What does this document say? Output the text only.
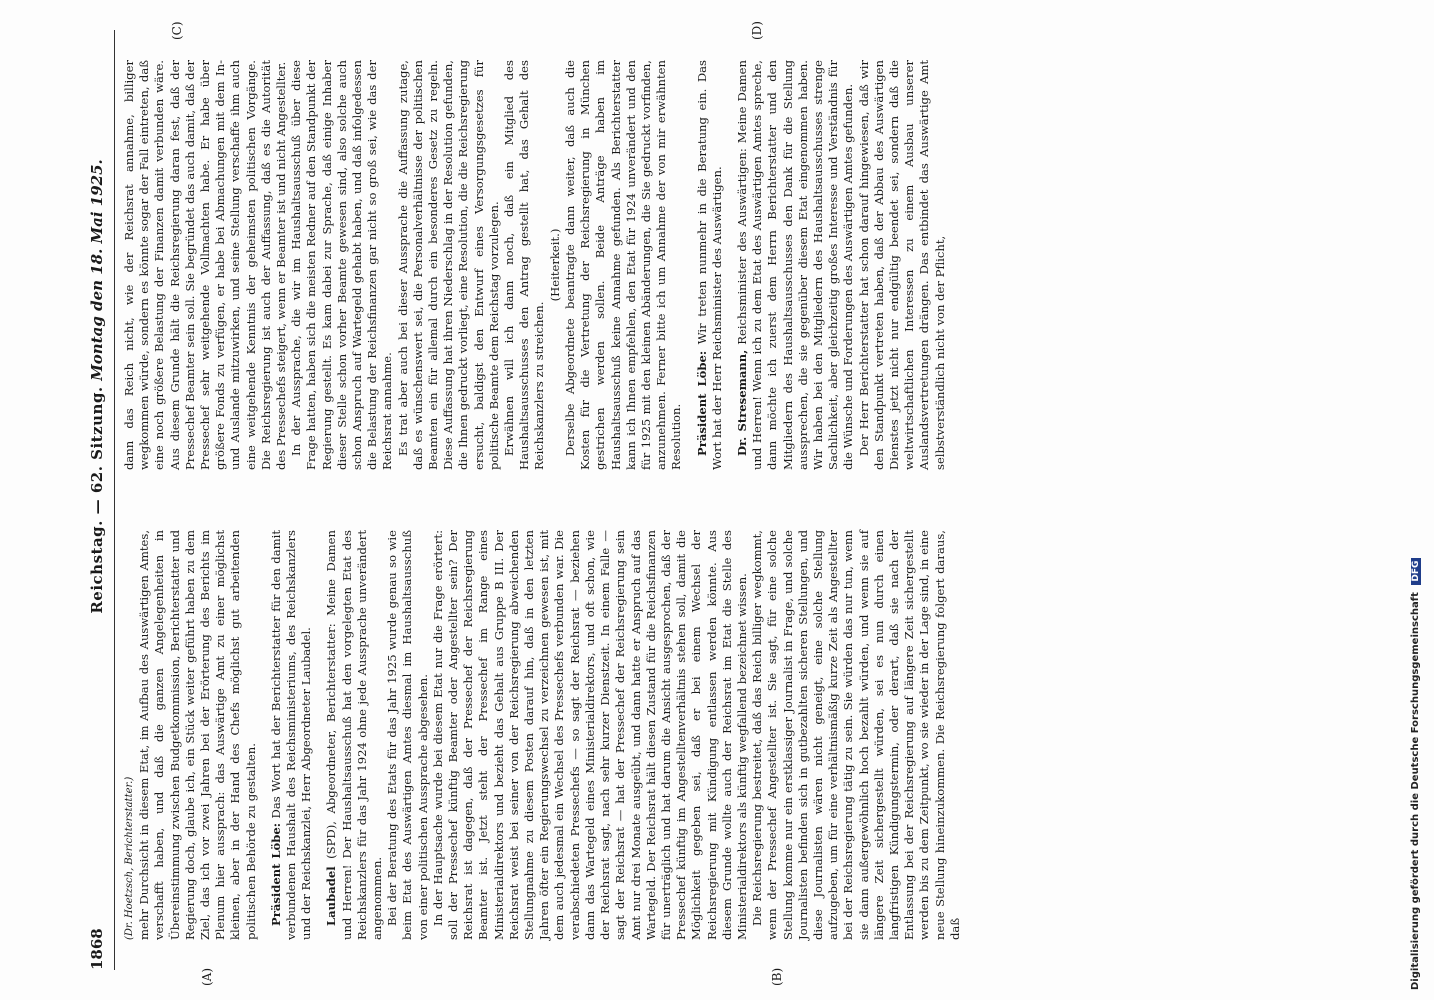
1868
Reichstag. — 62. Sitzung.
(A)	(B)

(Dr. Hoetzsch, Berichterstatter.) mehr Durchsicht in diesem Etat, im Aufbau des Auswärtigen Amtes, verschafft haben, und daß die ganzen Angelegenheiten in Übereinstimmung zwischen Budgetkommission, Berichterstatter und Regierung doch, glaube ich, ein Stück weiter geführt haben zu dem Ziel, das ich vor zwei Jahren bei der Erörterung des Berichts im Plenum hier aussprach: das Auswärtige Amt zu einer möglichst kleinen, aber in der Hand des Chefs möglichst gut arbeitenden politischen Behörde zu gestalten. Präsident Löbe: Das Wort hat der Berichterstatter für den damit verbundenen Haushalt des Reichsministeriums, des Reichskanzlers und der Reichskanzlei, Herr Abgeordneter Laubadel. Laubadel (SPD), Abgeordneter, Berichterstatter: Meine Damen und Herren! Der Haushaltsausschuß hat den vorgelegten Etat des Reichskanzlers für das Jahr 1924 ohne jede Aussprache unverändert angenommen. Bei der Beratung des Etats für das Jahr 1925 wurde genau so wie beim Etat des Auswärtigen Amtes diesmal im Haushaltsausschuß von einer politischen Aussprache abgesehen. In der Hauptsache wurde bei diesem Etat nur die Frage erörtert: soll der Pressechef künftig Beamter oder Angestellter sein? Der Reichsrat ist dagegen, daß der Pressechef der Reichsregierung Beamter ist. Jetzt steht der Pressechef im Range eines Ministerialdirektors und bezieht das Gehalt aus Gruppe B III. Der Reichsrat weist bei seiner von der Reichsregierung abweichenden Stellungnahme zu diesem Posten darauf hin, daß in den letzten Jahren öfter ein Regierungswechsel zu verzeichnen gewesen ist, mit dem auch jedesmal ein Wechsel des Pressechefs verbunden war. Die verabschiedeten Pressechefs — so sagt der Reichsrat — beziehen dann das Wartegeld eines Ministerialdirektors, und oft schon, wie der Reichsrat sagt, nach sehr kurzer Dienstzeit. In einem Falle — sagt der Reichsrat — hat der Pressechef der Reichsregierung sein Amt nur drei Monate ausgeübt, und dann hatte er Anspruch auf das Wartegeld. Der Reichsrat hält diesen Zustand für die Reichsfinanzen für unerträglich und hat darum die Ansicht ausgesprochen, daß der Pressechef künftig im Angestelltenverhältnis stehen soll, damit die Möglichkeit gegeben sei, daß er bei einem Wechsel der Reichsregierung mit Kündigung entlassen werden könnte. Aus diesem Grunde wollte auch der Reichsrat im Etat die Stelle des Ministerialdirektors als künftig wegfallend bezeichnet wissen. Die Reichsregierung bestreitet, daß das Reich billiger wegkommt, wenn der Pressechef Angestellter ist. Sie sagt, für eine solche Stellung komme nur ein erstklassiger Journalist in Frage, und solche Journalisten befinden sich in gutbezahlten sicheren Stellungen, und diese Journalisten wären nicht geneigt, eine solche Stellung aufzugeben, um für eine verhältnismäßig kurze Zeit als Angestellter bei der Reichsregierung tätig zu sein. Sie würden das nur tun, wenn sie dann außergewöhnlich hoch bezahlt würden, und wenn sie auf längere Zeit sichergestellt würden, sei es nun durch einen langfristigen Kündigungstermin, oder derart, daß sie nach der Entlassung bei der Reichsregierung auf längere Zeit sichergestellt werden bis zu dem Zeitpunkt, wo sie wieder in der Lage sind, in eine neue Stellung hineinzukommen. Die Reichsregierung folgert daraus, daß

Montag den 18. Mai 1925.
(C)	(D)

dann das Reich nicht, wie der Reichsrat annahme, billiger wegkommen würde, sondern es könnte sogar der Fall eintreten, daß eine noch größere Belastung der Finanzen damit verbunden wäre. Aus diesem Grunde hält die Reichsregierung daran fest, daß der Pressechef Beamter sein soll. Sie begründet das auch damit, daß der Pressechef sehr weitgehende Vollmachten habe. Er habe über größere Fonds zu verfügen, er habe bei Abmachungen mit dem In- und Auslande mitzuwirken, und seine Stellung verschaffe ihm auch eine weitgehende Kenntnis der geheimsten politischen Vorgänge. Die Reichsregierung ist auch der Auffassung, daß es die Autorität des Pressechefs steigert, wenn er Beamter ist und nicht Angestellter. In der Aussprache, die wir im Haushaltsausschuß über diese Frage hatten, haben sich die meisten Redner auf den Standpunkt der Regierung gestellt. Es kam dabei zur Sprache, daß einige Inhaber dieser Stelle schon vorher Beamte gewesen sind, also solche auch schon Anspruch auf Wartegeld gehabt haben, und daß infolgedessen die Belastung der Reichsfinanzen gar nicht so groß sei, wie das der Reichsrat annahme. Es trat aber auch bei dieser Aussprache die Auffassung zutage, daß es wünschenswert sei, die Personalverhältnisse der politischen Beamten ein für allemal durch ein besonderes Gesetz zu regeln. Diese Auffassung hat ihren Niederschlag in der Resolution gefunden, die Ihnen gedruckt vorliegt, eine Resolution, die die Reichsregierung ersucht, baldigst den Entwurf eines Versorgungsgesetzes für politische Beamte dem Reichstag vorzulegen. Erwähnen will ich dann noch, daß ein Mitglied des Haushaltsausschusses den Antrag gestellt hat, das Gehalt des Reichskanzlers zu streichen.

(Heiterkeit.) Derselbe Abgeordnete beantragte dann weiter, daß auch die Kosten für die Vertretung der Reichsregierung in München gestrichen werden sollen. Beide Anträge haben im Haushaltsausschuß keine Annahme gefunden. Als Berichterstatter kann ich Ihnen empfehlen, den Etat für 1924 unverändert und den für 1925 mit den kleinen Abänderungen, die Sie gedruckt vorfinden, anzunehmen. Ferner bitte ich um Annahme der von mir erwähnten Resolution. Präsident Löbe: Wir treten nunmehr in die Beratung ein. Das Wort hat der Herr Reichsminister des Auswärtigen. Dr. Stresemann, Reichsminister des Auswärtigen: Meine Damen und Herren! Wenn ich zu dem Etat des Auswärtigen Amtes spreche, dann möchte ich zuerst dem Herrn Berichterstatter und den Mitgliedern des Haushaltsausschusses den Dank für die Stellung aussprechen, die sie gegenüber diesem Etat eingenommen haben. Wir haben bei den Mitgliedern des Haushaltsausschusses strenge Sachlichkeit, aber gleichzeitig großes Interesse und Verständnis für die Wünsche und Forderungen des Auswärtigen Amtes gefunden. Der Herr Berichterstatter hat schon darauf hingewiesen, daß wir den Standpunkt vertreten haben, daß der Abbau des Auswärtigen Dienstes jetzt nicht nur endgültig beendet sei, sondern daß die weltwirtschaftlichen Interessen zu einem Ausbau unserer Auslandsvertretungen drängen. Das entbindet das Auswärtige Amt selbstverständlich nicht von der Pflicht,

Digitalisierung gefördert durch die Deutsche Forschungsgemeinschaft DFG
